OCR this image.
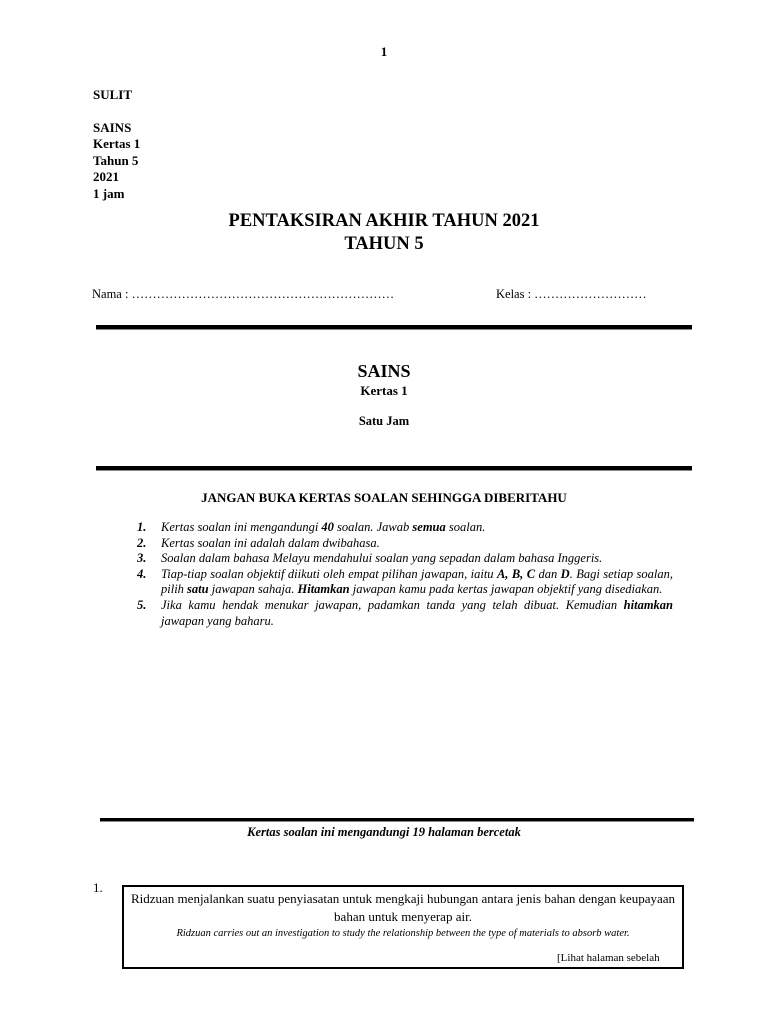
1
SULIT
SAINS
Kertas 1
Tahun 5
2021
1 jam
PENTAKSIRAN AKHIR TAHUN 2021
TAHUN 5
Nama : ………………………………………………………	Kelas : ………………………
SAINS
Kertas 1
Satu Jam
JANGAN BUKA KERTAS SOALAN SEHINGGA DIBERITAHU
1. Kertas soalan ini mengandungi 40 soalan. Jawab semua soalan.
2. Kertas soalan ini adalah dalam dwibahasa.
3. Soalan dalam bahasa Melayu mendahului soalan yang sepadan dalam bahasa Inggeris.
4. Tiap-tiap soalan objektif diikuti oleh empat pilihan jawapan, iaitu A, B, C dan D. Bagi setiap soalan, pilih satu jawapan sahaja. Hitamkan jawapan kamu pada kertas jawapan objektif yang disediakan.
5. Jika kamu hendak menukar jawapan, padamkan tanda yang telah dibuat. Kemudian hitamkan jawapan yang baharu.
Kertas soalan ini mengandungi 19 halaman bercetak
1.
Ridzuan menjalankan suatu penyiasatan untuk mengkaji hubungan antara jenis bahan dengan keupayaan bahan untuk menyerap air.
Ridzuan carries out an investigation to study the relationship between the type of materials to absorb water.
[Lihat halaman sebelah
